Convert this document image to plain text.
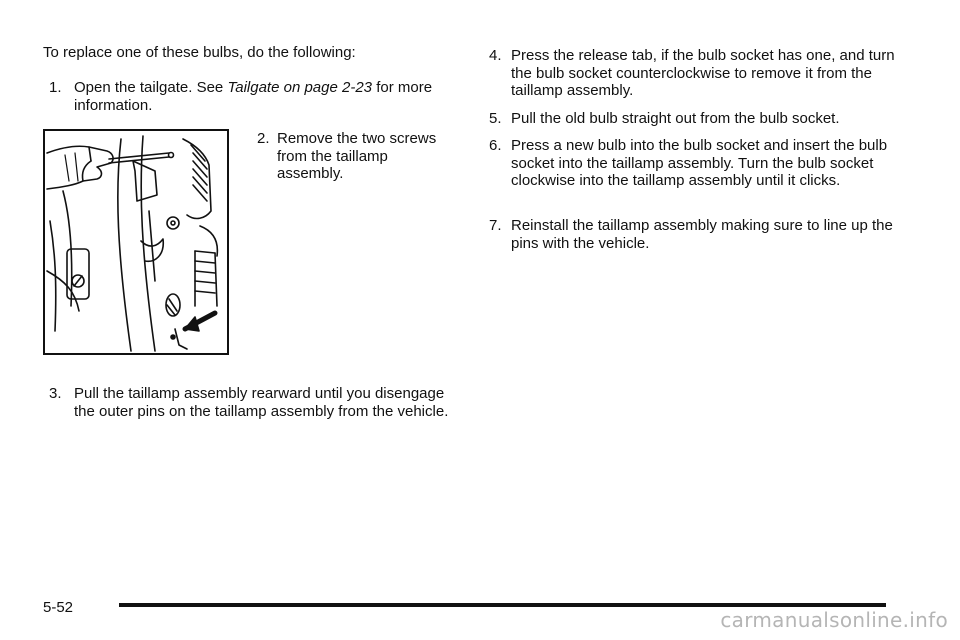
To replace one of these bulbs, do the following:
1. Open the tailgate. See Tailgate on page 2-23 for more information.
2. Remove the two screws from the taillamp assembly.
3. Pull the taillamp assembly rearward until you disengage the outer pins on the taillamp assembly from the vehicle.
4. Press the release tab, if the bulb socket has one, and turn the bulb socket counterclockwise to remove it from the taillamp assembly.
5. Pull the old bulb straight out from the bulb socket.
6. Press a new bulb into the bulb socket and insert the bulb socket into the taillamp assembly. Turn the bulb socket clockwise into the taillamp assembly until it clicks.
7. Reinstall the taillamp assembly making sure to line up the pins with the vehicle.
5-52
carmanualsonline.info
